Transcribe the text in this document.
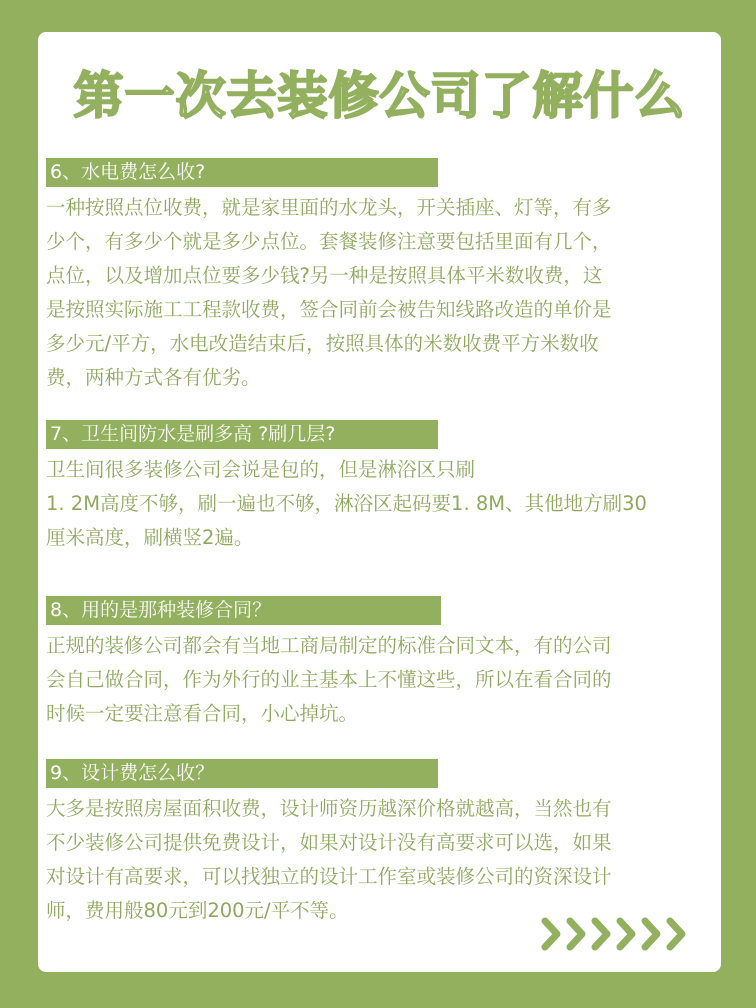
第一次去装修公司了解什么
6、水电费怎么收?
一种按照点位收费，就是家里面的水龙头，开关插座、灯等，有多
少个，有多少个就是多少点位。套餐装修注意要包括里面有几个，
点位，以及增加点位要多少钱?另一种是按照具体平米数收费，这
是按照实际施工工程款收费，签合同前会被告知线路改造的单价是
多少元/平方，水电改造结束后，按照具体的米数收费平方米数收
费，两种方式各有优劣。
7、卫生间防水是刷多高 ?刷几层?
卫生间很多装修公司会说是包的，但是淋浴区只刷
1. 2M高度不够，刷一遍也不够，淋浴区起码要1. 8M、其他地方刷30
厘米高度，刷横竖2遍。
8、用的是那种装修合同？
正规的装修公司都会有当地工商局制定的标准合同文本，有的公司
会自己做合同，作为外行的业主基本上不懂这些，所以在看合同的
时候一定要注意看合同，小心掉坑。
9、设计费怎么收？
大多是按照房屋面积收费，设计师资历越深价格就越高，当然也有
不少装修公司提供免费设计，如果对设计没有高要求可以选，如果
对设计有高要求，可以找独立的设计工作室或装修公司的资深设计
师，费用般80元到200元/平不等。
